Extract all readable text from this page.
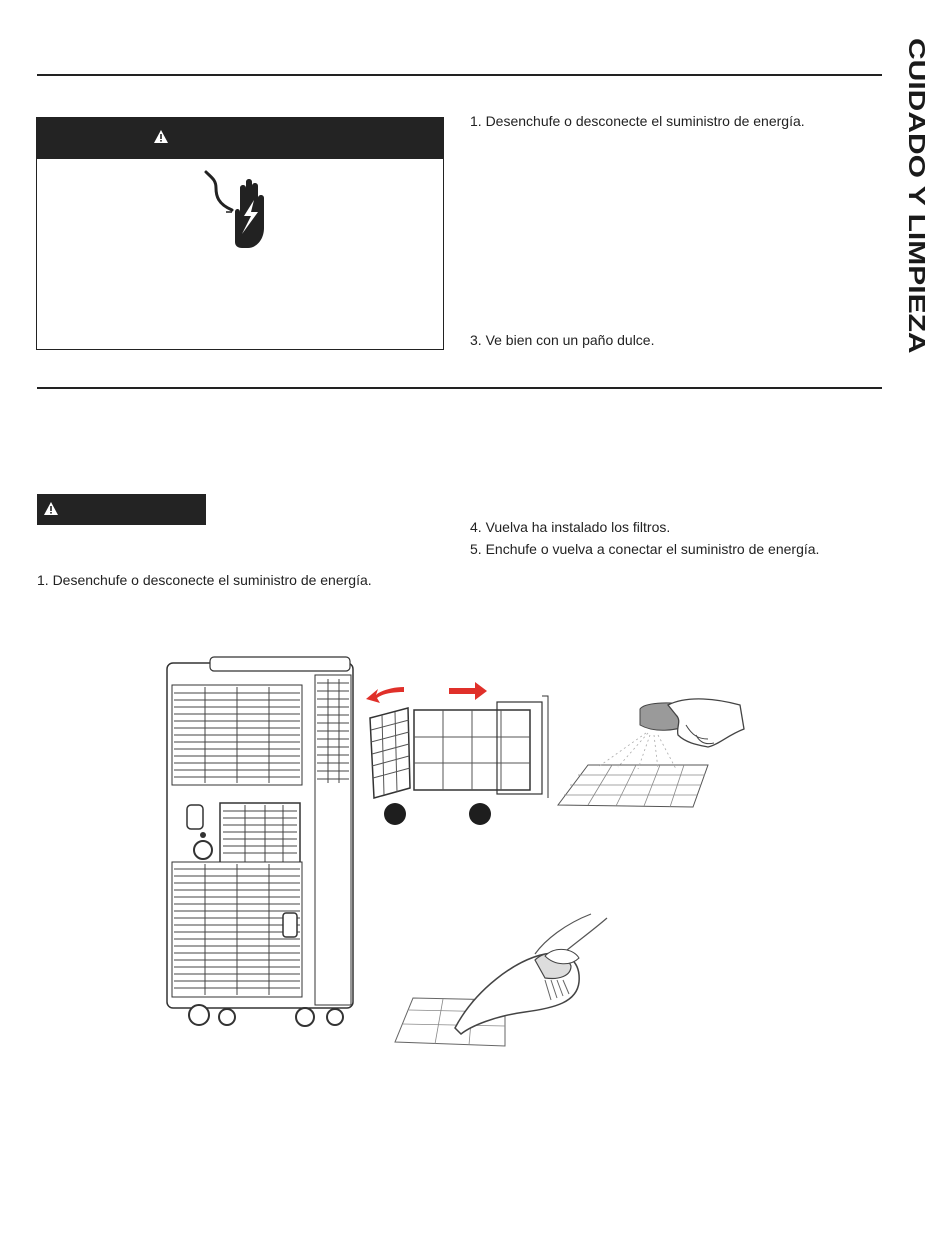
CUIDADO Y LIMPIEZA
1. Desenchufe o desconecte el suministro de energía.
3. Ve bien con un paño dulce.
4. Vuelva ha instalado los filtros.
5. Enchufe o vuelva a conectar el suministro de energía.
1. Desenchufe o desconecte el suministro de energía.
